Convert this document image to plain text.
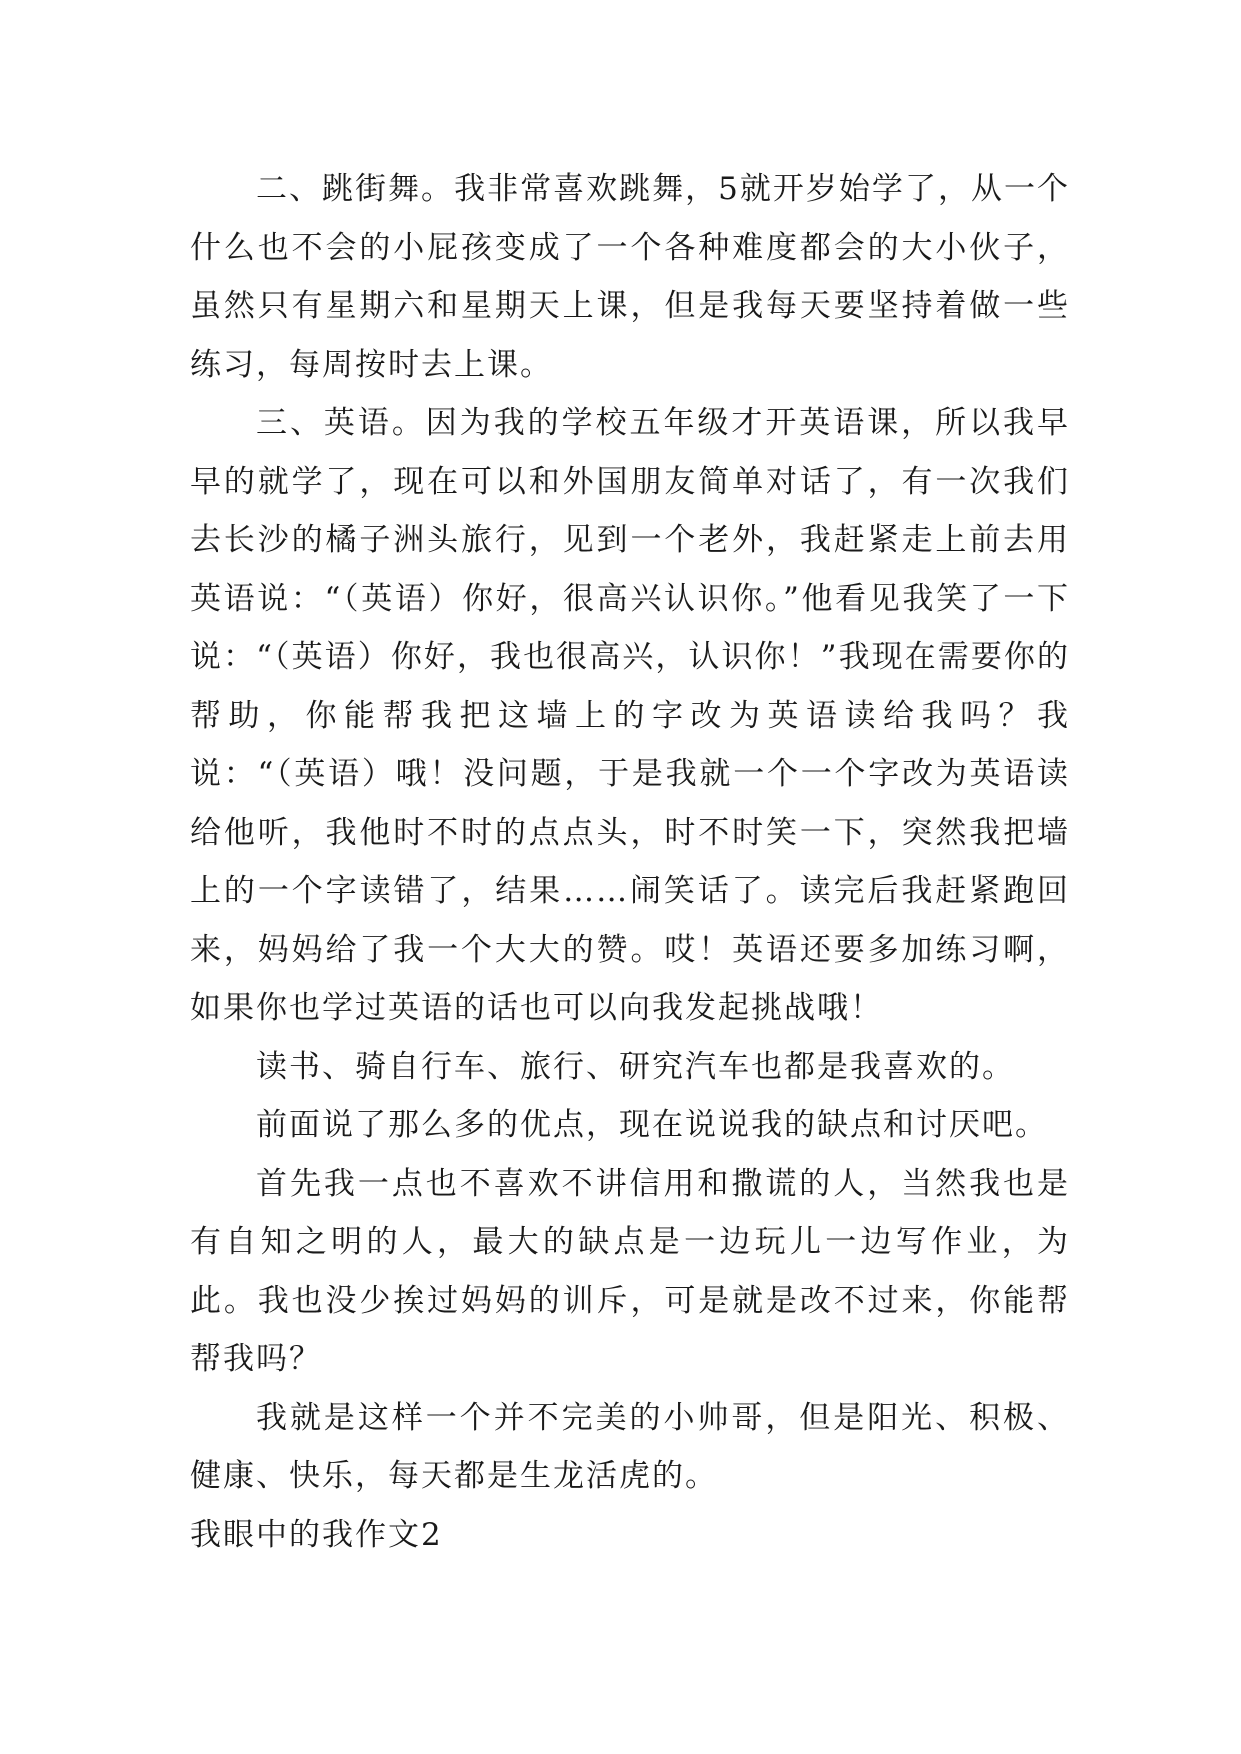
二、跳街舞。我非常喜欢跳舞，5就开岁始学了，从一个什么也不会的小屁孩变成了一个各种难度都会的大小伙子，虽然只有星期六和星期天上课，但是我每天要坚持着做一些练习，每周按时去上课。

三、英语。因为我的学校五年级才开英语课，所以我早早的就学了，现在可以和外国朋友简单对话了，有一次我们去长沙的橘子洲头旅行，见到一个老外，我赶紧走上前去用英语说：“（英语）你好，很高兴认识你。”他看见我笑了一下说：“（英语）你好，我也很高兴，认识你！”我现在需要你的帮助，你能帮我把这墙上的字改为英语读给我吗？我说：“（英语）哦！没问题，于是我就一个一个字改为英语读给他听，我他时不时的点点头，时不时笑一下，突然我把墙上的一个字读错了，结果……闹笑话了。读完后我赶紧跑回来，妈妈给了我一个大大的赞。哎！英语还要多加练习啊，如果你也学过英语的话也可以向我发起挑战哦！

读书、骑自行车、旅行、研究汽车也都是我喜欢的。

前面说了那么多的优点，现在说说我的缺点和讨厌吧。

首先我一点也不喜欢不讲信用和撒谎的人，当然我也是有自知之明的人，最大的缺点是一边玩儿一边写作业，为此。我也没少挨过妈妈的训斥，可是就是改不过来，你能帮帮我吗？

我就是这样一个并不完美的小帅哥，但是阳光、积极、健康、快乐，每天都是生龙活虎的。

我眼中的我作文2
